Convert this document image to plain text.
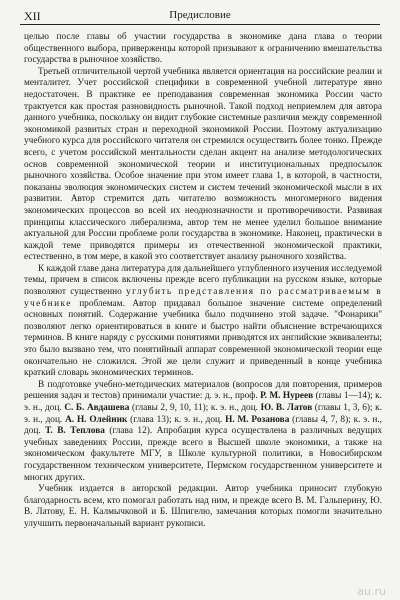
XII	Предисловие

целью после главы об участии государства в экономике дана глава о теории общественного выбора, приверженцы которой призывают к ограничению вмешательства государства в рыночное хозяйство.

Третьей отличительной чертой учебника является ориентация на российские реалии и менталитет. Учет российской специфики в современной учебной литературе явно недостаточен. В практике ее преподавания современная экономика России часто трактуется как простая разновидность рыночной. Такой подход неприемлем для автора данного учебника, поскольку он видит глубокие системные различия между современной экономикой развитых стран и переходной экономикой России. Поэтому актуализацию учебного курса для российского читателя он стремился осуществить более тонко. Прежде всего, с учетом российской ментальности сделан акцент на анализе методологических основ современной экономической теории и институциональных предпосылок рыночного хозяйства. Особое значение при этом имеет глава 1, в которой, в частности, показаны эволюция экономических систем и систем течений экономической мысли в их развитии. Автор стремится дать читателю возможность многомерного видения экономических процессов во всей их неоднозначности и противоречивости. Развивая принципы классического либерализма, автор тем не менее уделил большое внимание актуальной для России проблеме роли государства в экономике. Наконец, практически в каждой теме приводятся примеры из отечественной экономической практики, естественно, в том мере, в какой это соответствует анализу рыночного хозяйства.

К каждой главе дана литература для дальнейшего углубленного изучения исследуемой темы, причем в список включены прежде всего публикации на русском языке, которые позволяют существенно углубить представления по рассматриваемым в учебнике проблемам. Автор придавал большое значение системе определений основных понятий. Содержание учебника было подчинено этой задаче. "Фонарики" позволяют легко ориентироваться в книге и быстро найти объяснение встречающихся терминов. В книге наряду с русскими понятиями приводятся их английские эквиваленты; это было вызвано тем, что понятийный аппарат современной экономической теории еще окончательно не сложился. Этой же цели служит и приведенный в конце учебника краткий словарь экономических терминов.

В подготовке учебно-методических материалов (вопросов для повторения, примеров решения задач и тестов) принимали участие: д. э. н., проф. Р. М. Нуреев (главы 1—14); к. э. н., доц. С. Б. Авдашева (главы 2, 9, 10, 11); к. э. н., доц. Ю. В. Латов (главы 1, 3, 6); к. э. н., доц. А. Н. Олейник (глава 13); к. э. н., доц. Н. М. Розанова (главы 4, 7, 8); к. э. н., доц. Т. В. Теплова (глава 12). Апробация курса осуществлена в различных ведущих учебных заведениях России, прежде всего в Высшей школе экономики, а также на экономическом факультете МГУ, в Школе культурной политики, в Новосибирском государственном техническом университете, Пермском государственном университете и многих других.

Учебник издается в авторской редакции. Автор учебника приносит глубокую благодарность всем, кто помогал работать над ним, и прежде всего В. М. Гальперину, Ю. В. Латову, Е. Н. Калмычковой и Б. Шпигелю, замечания которых помогли значительно улучшить первоначальный вариант рукописи.

au.ru
